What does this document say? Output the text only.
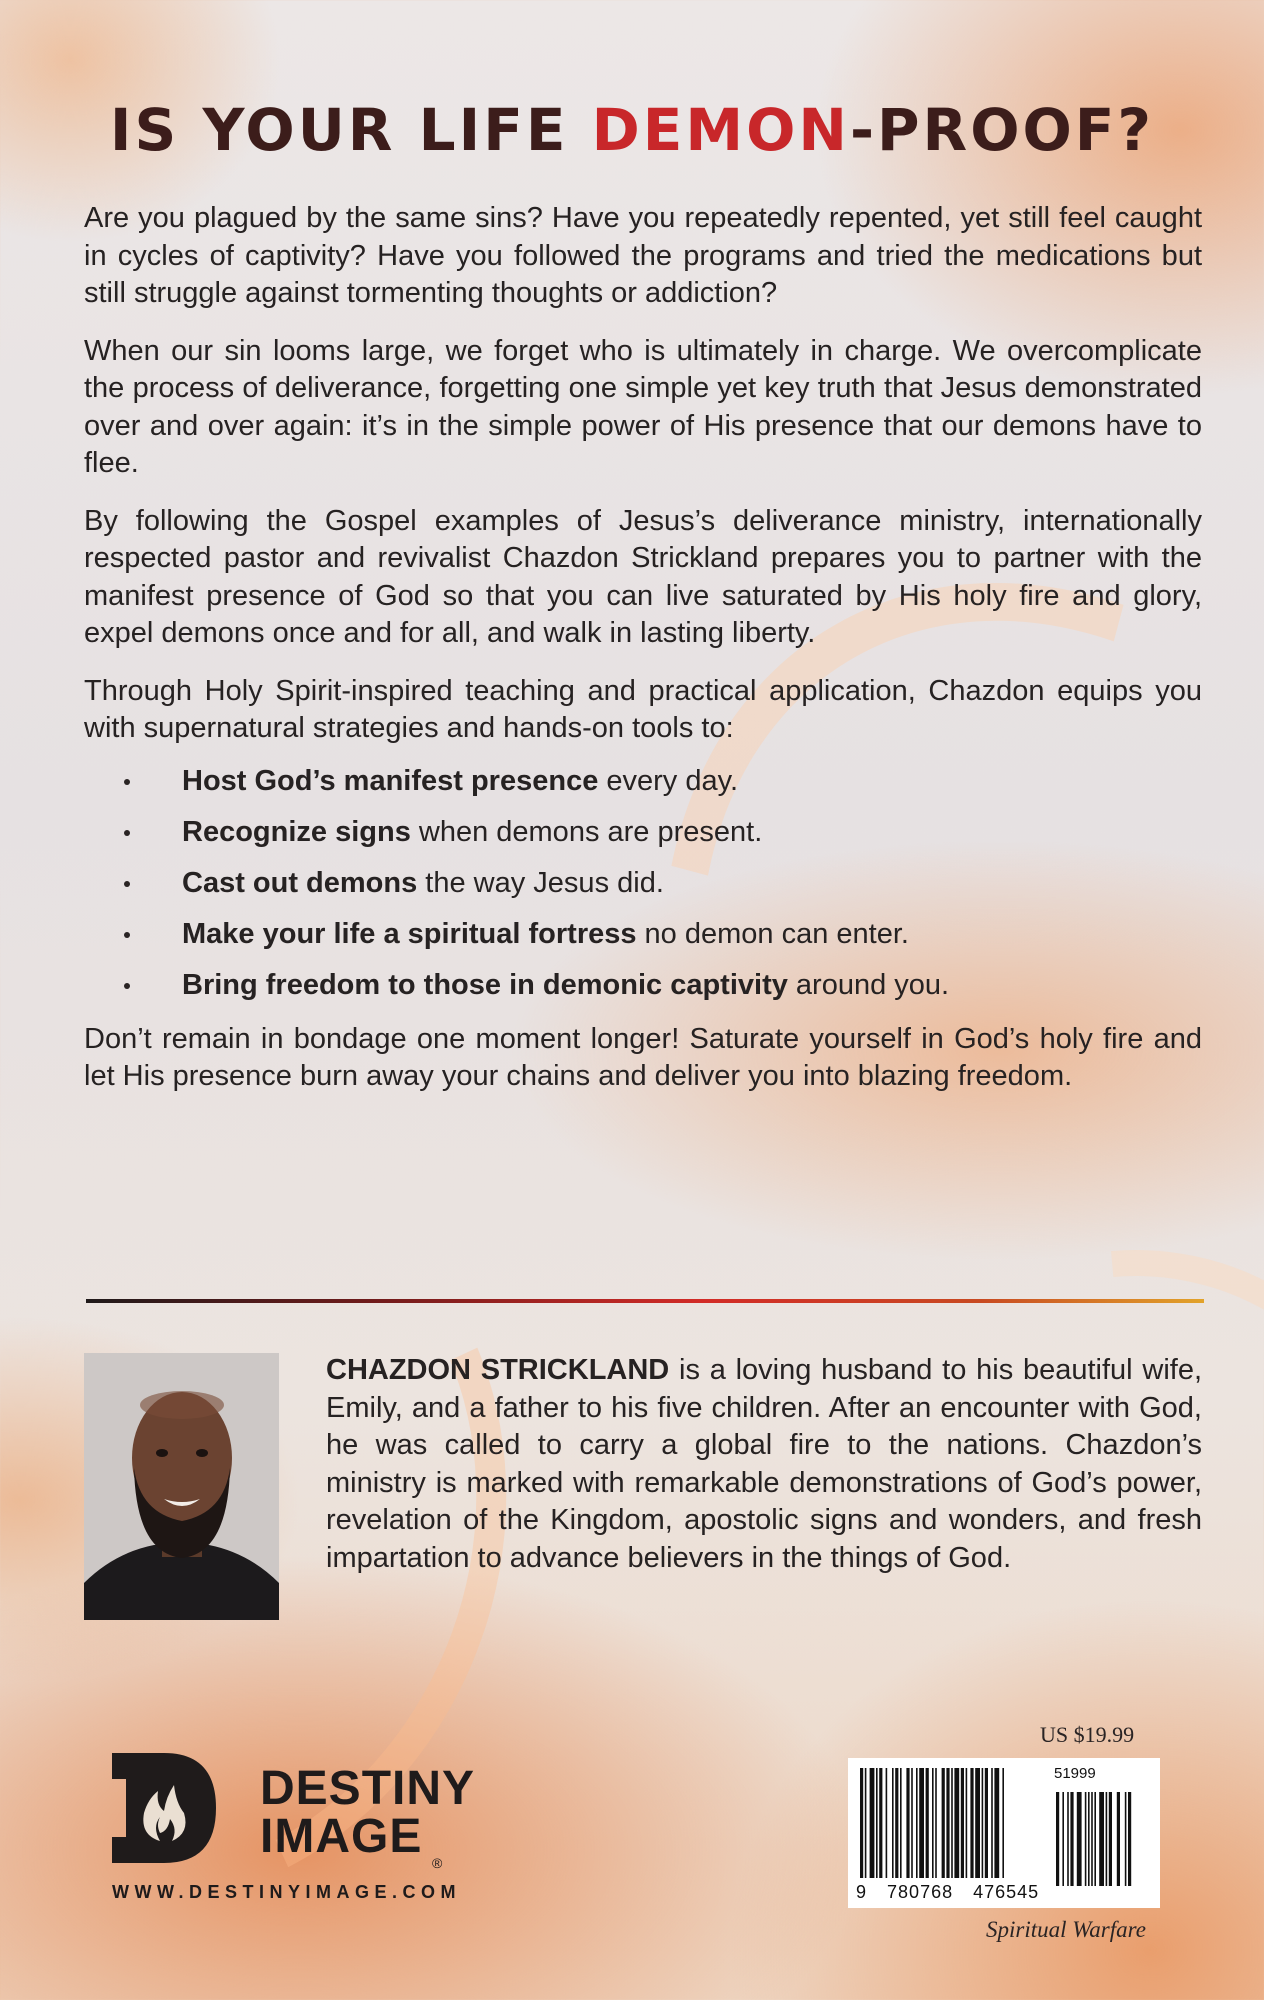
IS YOUR LIFE DEMON-PROOF?

Are you plagued by the same sins? Have you repeatedly repented, yet still feel caught in cycles of captivity? Have you followed the programs and tried the medications but still struggle against tormenting thoughts or addiction?

When our sin looms large, we forget who is ultimately in charge. We overcomplicate the process of deliverance, forgetting one simple yet key truth that Jesus demonstrated over and over again: it’s in the simple power of His presence that our demons have to flee.

By following the Gospel examples of Jesus’s deliverance ministry, internationally respected pastor and revivalist Chazdon Strickland prepares you to partner with the manifest presence of God so that you can live saturated by His holy fire and glory, expel demons once and for all, and walk in lasting liberty.

Through Holy Spirit-inspired teaching and practical application, Chazdon equips you with supernatural strategies and hands-on tools to:

Host God’s manifest presence every day.
Recognize signs when demons are present.
Cast out demons the way Jesus did.
Make your life a spiritual fortress no demon can enter.
Bring freedom to those in demonic captivity around you.

Don’t remain in bondage one moment longer! Saturate yourself in God’s holy fire and let His presence burn away your chains and deliver you into blazing freedom.

CHAZDON STRICKLAND is a loving husband to his beautiful wife, Emily, and a father to his five children. After an encounter with God, he was called to carry a global fire to the nations. Chazdon’s ministry is marked with remarkable demonstrations of God’s power, revelation of the Kingdom, apostolic signs and wonders, and fresh impartation to advance believers in the things of God.

DESTINY
IMAGE ®
WWW.DESTINYIMAGE.COM
US $19.99
51999
9 780768 476545
Spiritual Warfare
